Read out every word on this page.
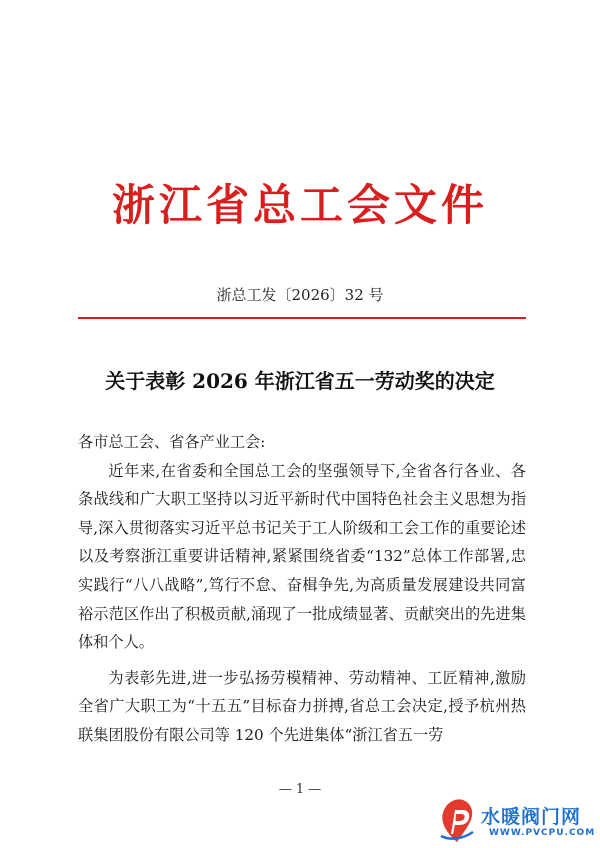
浙江省总工会文件
浙总工发〔2026〕32 号
关于表彰 2026 年浙江省五一劳动奖的决定

各市总工会、省各产业工会:

近年来,在省委和全国总工会的坚强领导下,全省各行各业、各条战线和广大职工坚持以习近平新时代中国特色社会主义思想为指导,深入贯彻落实习近平总书记关于工人阶级和工会工作的重要论述以及考察浙江重要讲话精神,紧紧围绕省委“132”总体工作部署,忠实践行“八八战略”,笃行不怠、奋楫争先,为高质量发展建设共同富裕示范区作出了积极贡献,涌现了一批成绩显著、贡献突出的先进集体和个人。

为表彰先进,进一步弘扬劳模精神、劳动精神、工匠精神,激励全省广大职工为“十五五”目标奋力拼搏,省总工会决定,授予杭州热联集团股份有限公司等 120 个先进集体“浙江省五一劳

— 1 —
水暖阀门网
WWW.PVCPU.COM
